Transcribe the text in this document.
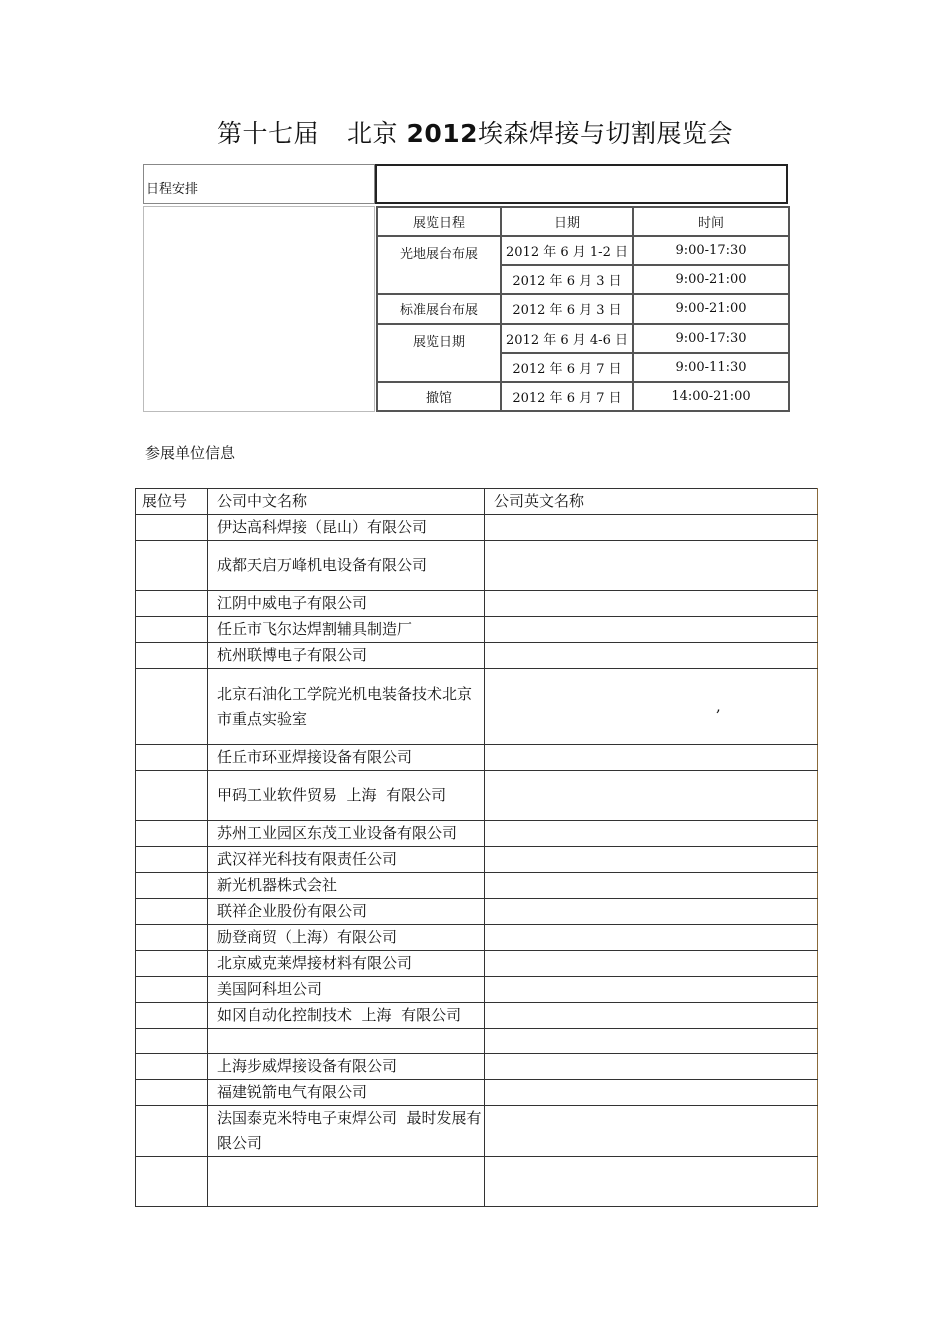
第十七届 北京 2012埃森焊接与切割展览会
日程安排
展览日程	日期	时间
光地展台布展	2012 年 6 月 1-2 日	9:00-17:30
	2012 年 6 月 3 日	9:00-21:00
标准展台布展	2012 年 6 月 3 日	9:00-21:00
展览日期	2012 年 6 月 4-6 日	9:00-17:30
	2012 年 6 月 7 日	9:00-11:30
撤馆	2012 年 6 月 7 日	14:00-21:00
参展单位信息
展位号	公司中文名称	公司英文名称
	伊达高科焊接（昆山）有限公司	
	成都天启万峰机电设备有限公司	
	江阴中威电子有限公司	
	任丘市飞尔达焊割辅具制造厂	
	杭州联博电子有限公司	
	北京石油化工学院光机电装备技术北京市重点实验室	
	任丘市环亚焊接设备有限公司	
	甲码工业软件贸易  上海  有限公司	
	苏州工业园区东茂工业设备有限公司	
	武汉祥光科技有限责任公司	
	新光机器株式会社	
	联祥企业股份有限公司	
	励登商贸（上海）有限公司	
	北京威克莱焊接材料有限公司	
	美国阿科坦公司	
	如冈自动化控制技术  上海  有限公司	

	上海步威焊接设备有限公司	
	福建锐箭电气有限公司	
	法国泰克米特电子束焊公司  最时发展有限公司	

,
